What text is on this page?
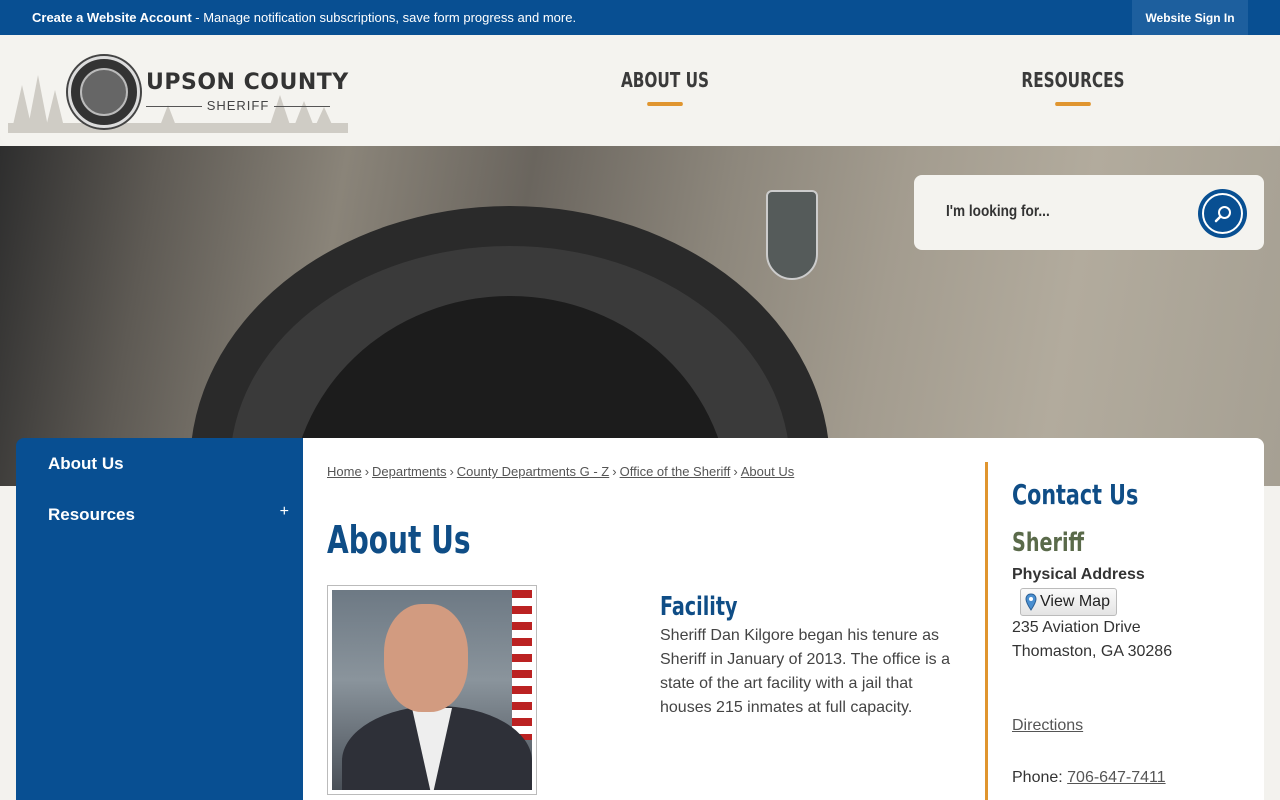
Create a Website Account - Manage notification subscriptions, save form progress and more.	Website Sign In
UPSON COUNTY
SHERIFF
ABOUT US	RESOURCES
I'm looking for...
About Us
Resources	+
Home › Departments › County Departments G - Z › Office of the Sheriff › About Us
About Us
Facility

Sheriff Dan Kilgore began his tenure as Sheriff in January of 2013. The office is a state of the art facility with a jail that houses 215 inmates at full capacity.

Contact Us
Sheriff
Physical Address
View Map
235 Aviation Drive
Thomaston, GA 30286
Directions
Phone: 706-647-7411
